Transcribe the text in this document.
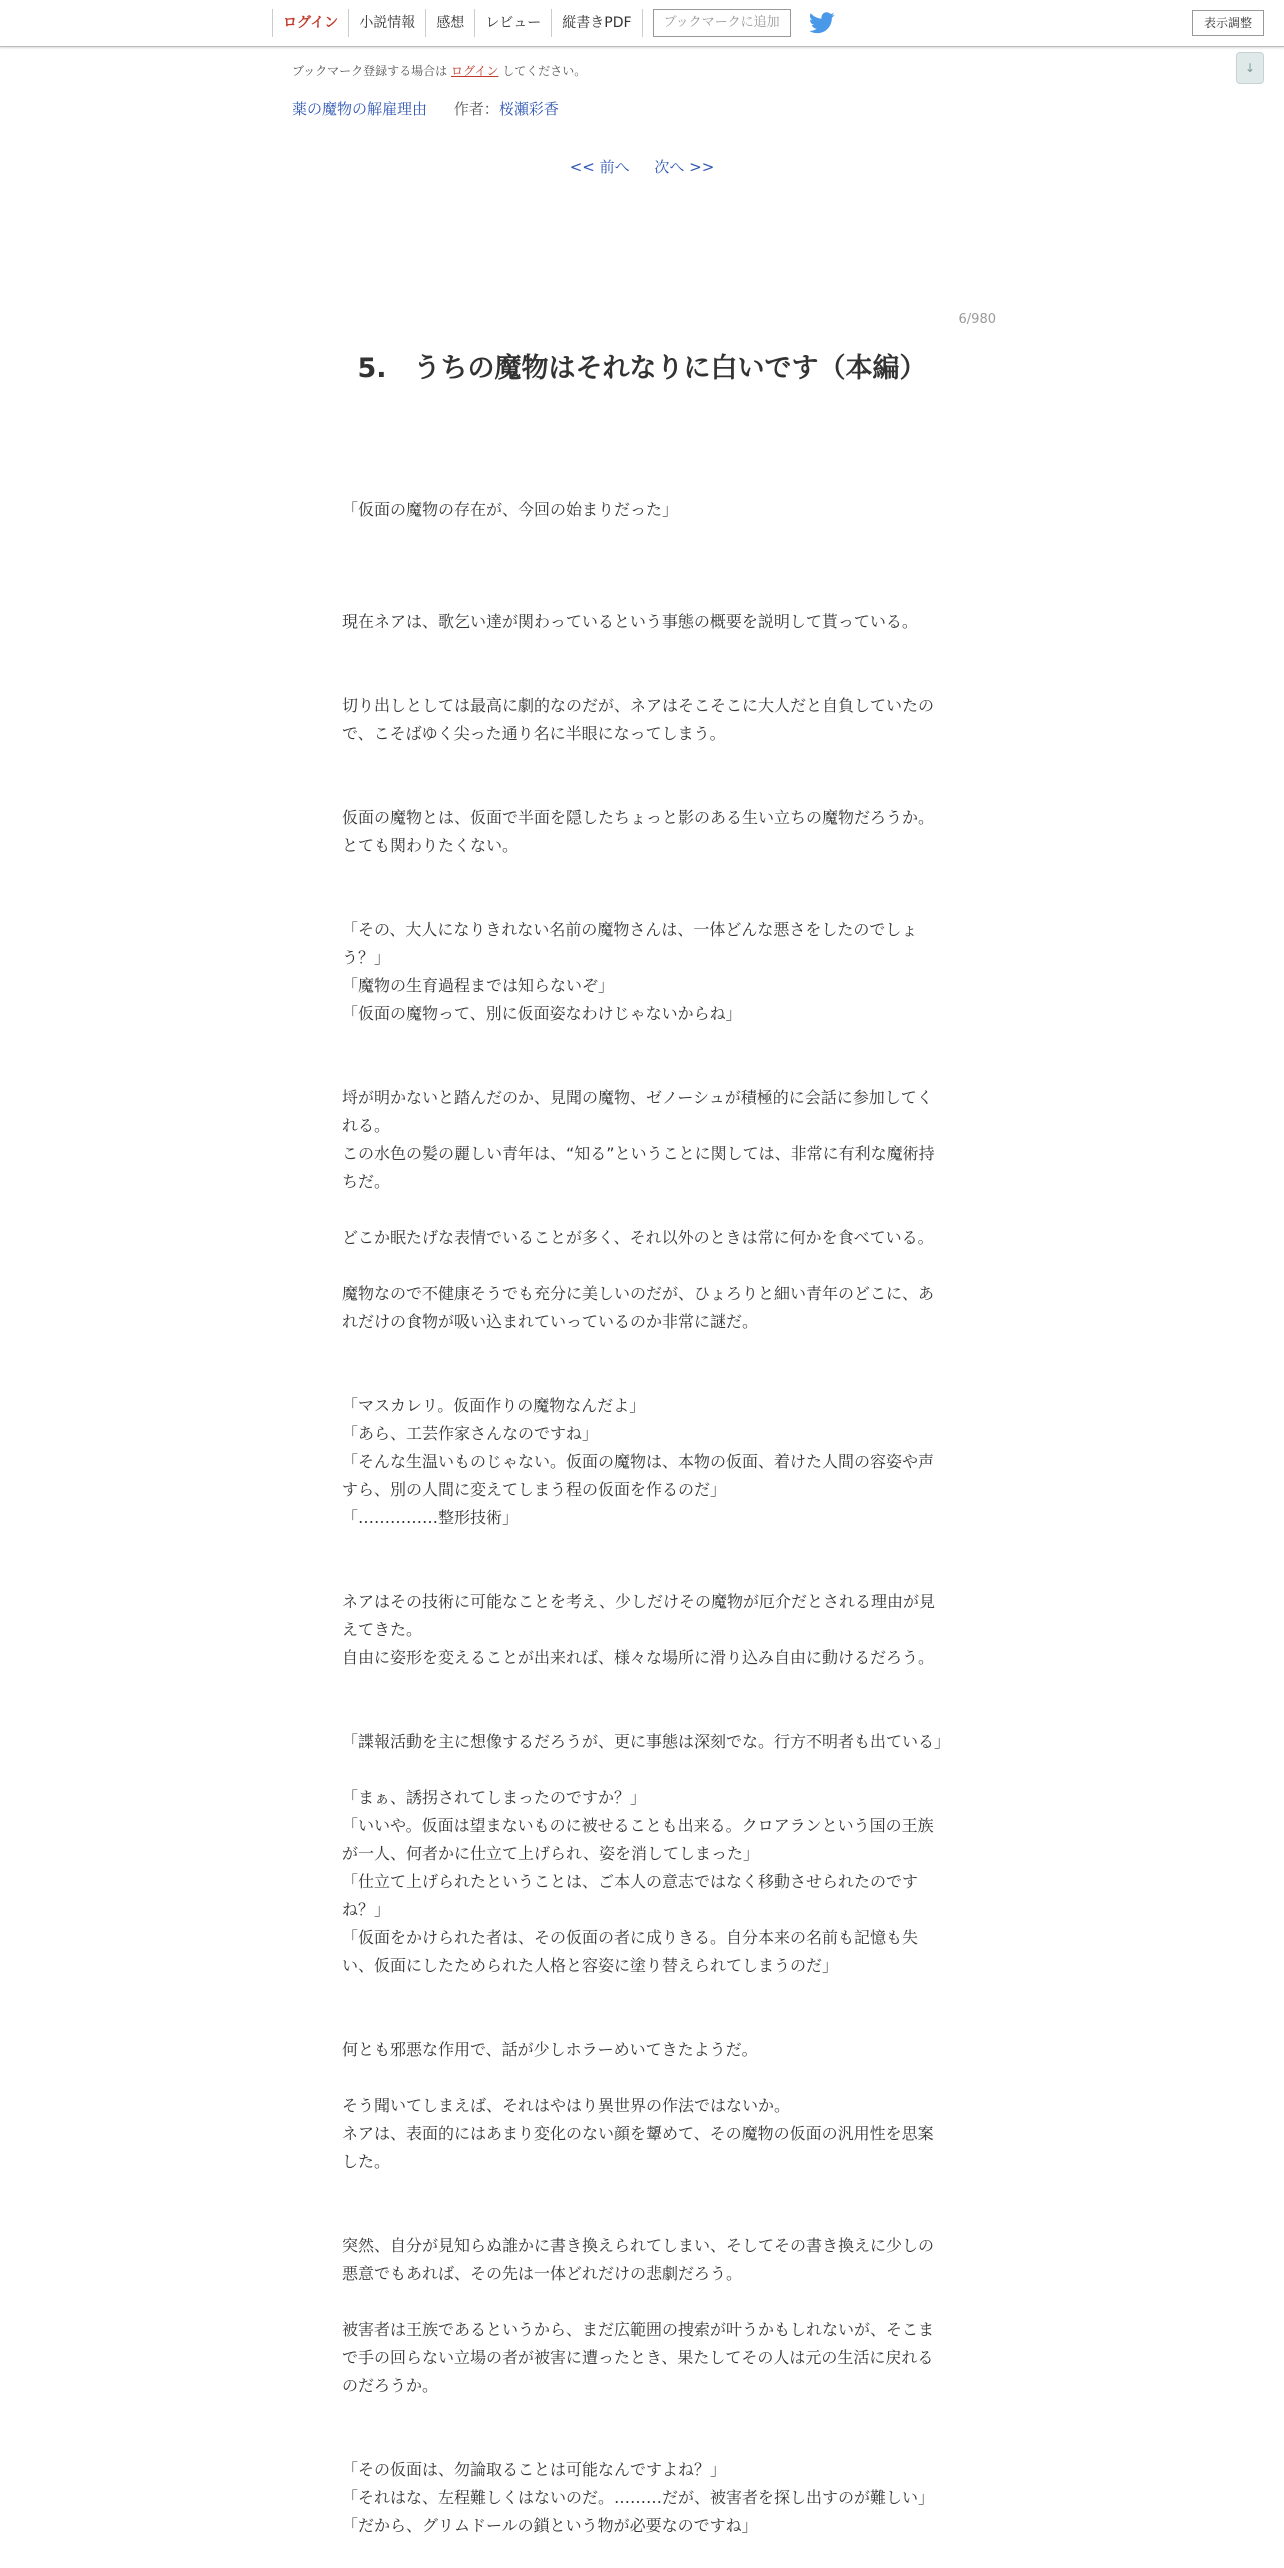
ログイン	小説情報	感想	レビュー	縦書きPDF	ブックマークに追加	表示調整
↓
ブックマーク登録する場合は ログイン してください。
薬の魔物の解雇理由 作者：桜瀬彩香
<< 前へ 次へ >>
6/980
5.　うちの魔物はそれなりに白いです（本編）
「仮面の魔物の存在が、今回の始まりだった」
現在ネアは、歌乞い達が関わっているという事態の概要を説明して貰っている。
切り出しとしては最高に劇的なのだが、ネアはそこそこに大人だと自負していたので、こそばゆく尖った通り名に半眼になってしまう。
仮面の魔物とは、仮面で半面を隠したちょっと影のある生い立ちの魔物だろうか。とても関わりたくない。
「その、大人になりきれない名前の魔物さんは、一体どんな悪さをしたのでしょう？」
「魔物の生育過程までは知らないぞ」
「仮面の魔物って、別に仮面姿なわけじゃないからね」
埒が明かないと踏んだのか、見聞の魔物、ゼノーシュが積極的に会話に参加してくれる。
この水色の髪の麗しい青年は、“知る”ということに関しては、非常に有利な魔術持ちだ。
どこか眠たげな表情でいることが多く、それ以外のときは常に何かを食べている。
魔物なので不健康そうでも充分に美しいのだが、ひょろりと細い青年のどこに、あれだけの食物が吸い込まれていっているのか非常に謎だ。
「マスカレリ。仮面作りの魔物なんだよ」
「あら、工芸作家さんなのですね」
「そんな生温いものじゃない。仮面の魔物は、本物の仮面、着けた人間の容姿や声すら、別の人間に変えてしまう程の仮面を作るのだ」
「……………整形技術」
ネアはその技術に可能なことを考え、少しだけその魔物が厄介だとされる理由が見えてきた。
自由に姿形を変えることが出来れば、様々な場所に滑り込み自由に動けるだろう。
「諜報活動を主に想像するだろうが、更に事態は深刻でな。行方不明者も出ている」
「まぁ、誘拐されてしまったのですか？」
「いいや。仮面は望まないものに被せることも出来る。クロアランという国の王族が一人、何者かに仕立て上げられ、姿を消してしまった」
「仕立て上げられたということは、ご本人の意志ではなく移動させられたのですね？」
「仮面をかけられた者は、その仮面の者に成りきる。自分本来の名前も記憶も失い、仮面にしたためられた人格と容姿に塗り替えられてしまうのだ」
何とも邪悪な作用で、話が少しホラーめいてきたようだ。
そう聞いてしまえば、それはやはり異世界の作法ではないか。
ネアは、表面的にはあまり変化のない顔を顰めて、その魔物の仮面の汎用性を思案した。
突然、自分が見知らぬ誰かに書き換えられてしまい、そしてその書き換えに少しの悪意でもあれば、その先は一体どれだけの悲劇だろう。
被害者は王族であるというから、まだ広範囲の捜索が叶うかもしれないが、そこまで手の回らない立場の者が被害に遭ったとき、果たしてその人は元の生活に戻れるのだろうか。
「その仮面は、勿論取ることは可能なんですよね？」
「それはな、左程難しくはないのだ。………だが、被害者を探し出すのが難しい」
「だから、グリムドールの鎖という物が必要なのですね」
